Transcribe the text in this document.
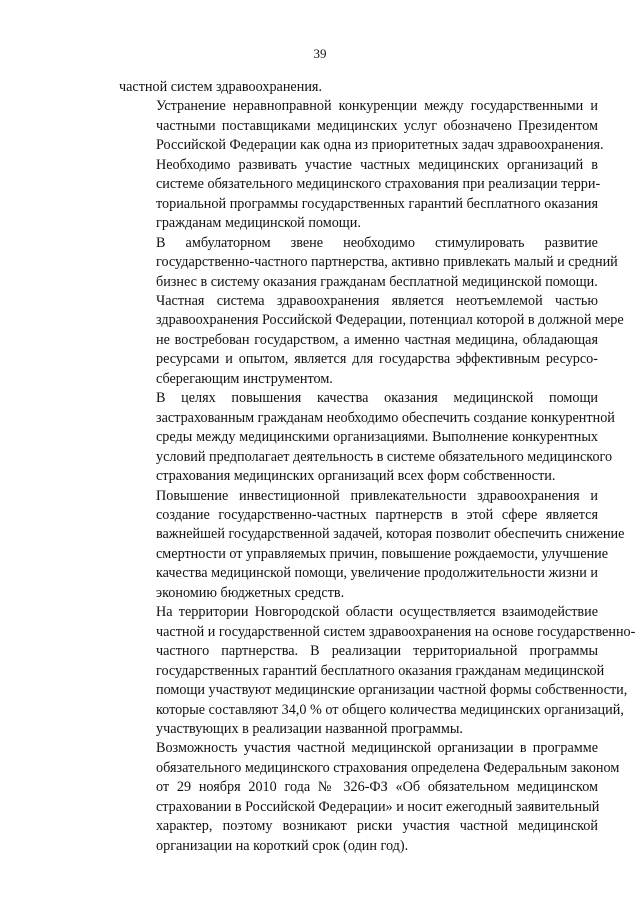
39

частной систем здравоохранения.

Устранение неравноправной конкуренции между государственными и
частными поставщиками медицинских услуг обозначено Президентом
Российской Федерации как одна из приоритетных задач здравоохранения.

Необходимо развивать участие частных медицинских организаций в
системе обязательного медицинского страхования при реализации терри-
ториальной программы государственных гарантий бесплатного оказания
гражданам медицинской помощи.

В амбулаторном звене необходимо стимулировать развитие
государственно-частного партнерства, активно привлекать малый и средний
бизнес в систему оказания гражданам бесплатной медицинской помощи.

Частная система здравоохранения является неотъемлемой частью
здравоохранения Российской Федерации, потенциал которой в должной мере
не востребован государством, а именно частная медицина, обладающая
ресурсами и опытом, является для государства эффективным ресурсо-
сберегающим инструментом.

В целях повышения качества оказания медицинской помощи
застрахованным гражданам необходимо обеспечить создание конкурентной
среды между медицинскими организациями. Выполнение конкурентных
условий предполагает деятельность в системе обязательного медицинского
страхования медицинских организаций всех форм собственности.

Повышение инвестиционной привлекательности здравоохранения и
создание государственно-частных партнерств в этой сфере является
важнейшей государственной задачей, которая позволит обеспечить снижение
смертности от управляемых причин, повышение рождаемости, улучшение
качества медицинской помощи, увеличение продолжительности жизни и
экономию бюджетных средств.

На территории Новгородской области осуществляется взаимодействие
частной и государственной систем здравоохранения на основе государственно-
частного партнерства. В реализации территориальной программы
государственных гарантий бесплатного оказания гражданам медицинской
помощи участвуют медицинские организации частной формы собственности,
которые составляют 34,0 % от общего количества медицинских организаций,
участвующих в реализации названной программы.

Возможность участия частной медицинской организации в программе
обязательного медицинского страхования определена Федеральным законом
от 29 ноября 2010 года № 326-ФЗ «Об обязательном медицинском
страховании в Российской Федерации» и носит ежегодный заявительный
характер, поэтому возникают риски участия частной медицинской
организации на короткий срок (один год).
